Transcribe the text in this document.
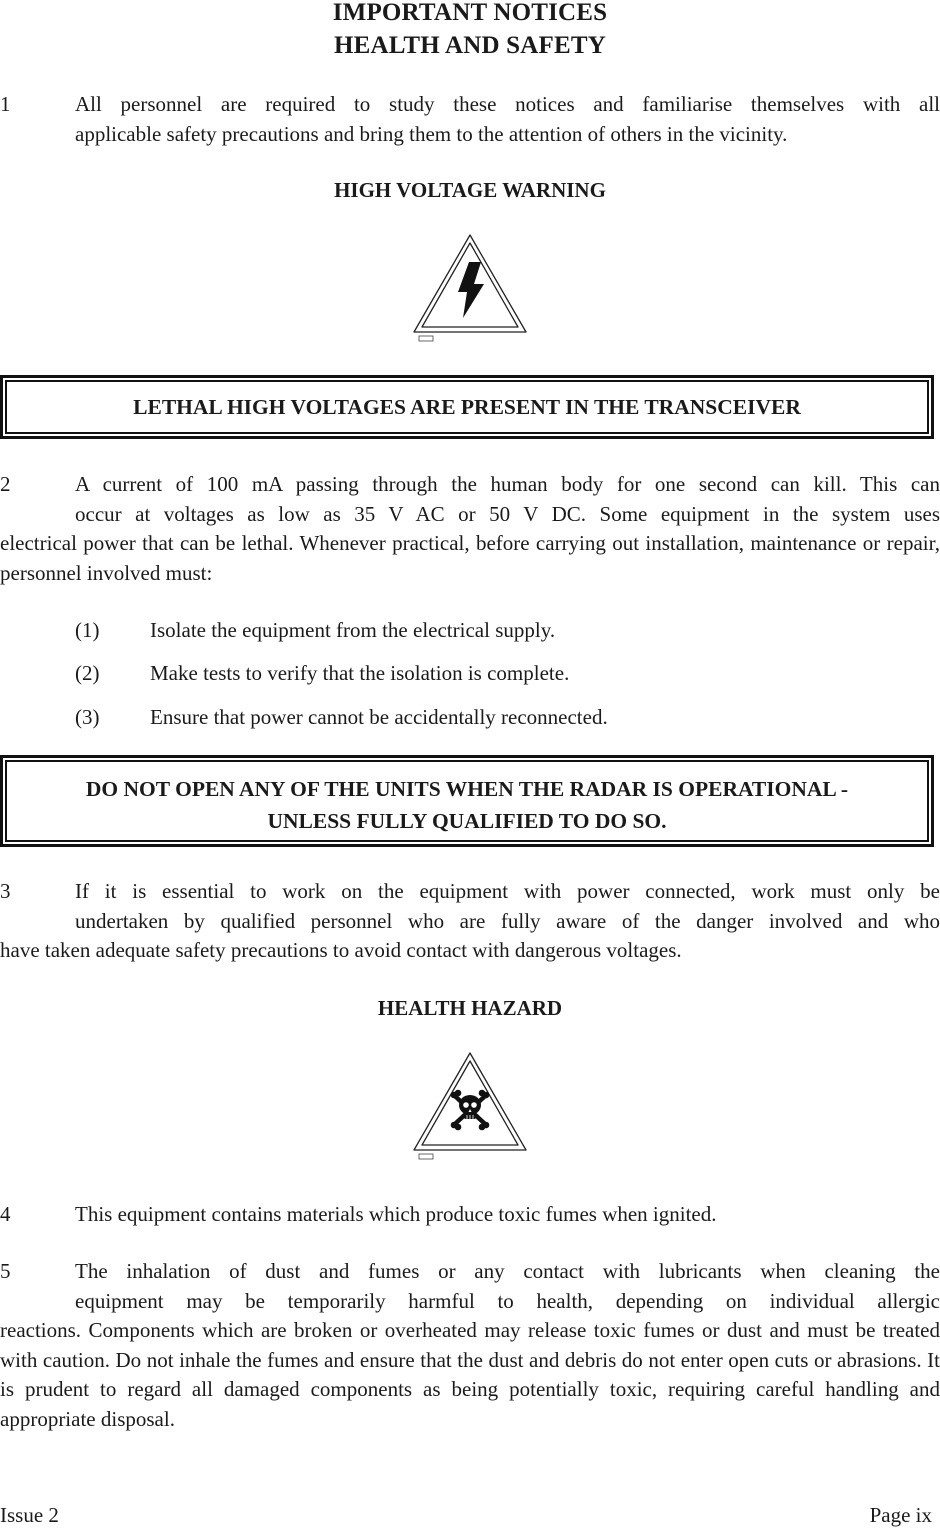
IMPORTANT NOTICES
HEALTH AND SAFETY
1	All personnel are required to study these notices and familiarise themselves with all
applicable safety precautions and bring them to the attention of others in the vicinity.
HIGH VOLTAGE WARNING
LETHAL HIGH VOLTAGES ARE PRESENT IN THE TRANSCEIVER
2	A current of 100 mA passing through the human body for one second can kill. This can
occur at voltages as low as 35 V AC or 50 V DC. Some equipment in the system uses
electrical power that can be lethal. Whenever practical, before carrying out installation, maintenance or repair, personnel involved must:
(1) Isolate the equipment from the electrical supply.
(2) Make tests to verify that the isolation is complete.
(3) Ensure that power cannot be accidentally reconnected.
DO NOT OPEN ANY OF THE UNITS WHEN THE RADAR IS OPERATIONAL -
UNLESS FULLY QUALIFIED TO DO SO.
3	If it is essential to work on the equipment with power connected, work must only be
undertaken by qualified personnel who are fully aware of the danger involved and who
have taken adequate safety precautions to avoid contact with dangerous voltages.
HEALTH HAZARD
4	This equipment contains materials which produce toxic fumes when ignited.
5	The inhalation of dust and fumes or any contact with lubricants when cleaning the
equipment may be temporarily harmful to health, depending on individual allergic
reactions. Components which are broken or overheated may release toxic fumes or dust and must be treated with caution. Do not inhale the fumes and ensure that the dust and debris do not enter open cuts or abrasions. It is prudent to regard all damaged components as being potentially toxic, requiring careful handling and appropriate disposal.
Issue 2	Page ix
